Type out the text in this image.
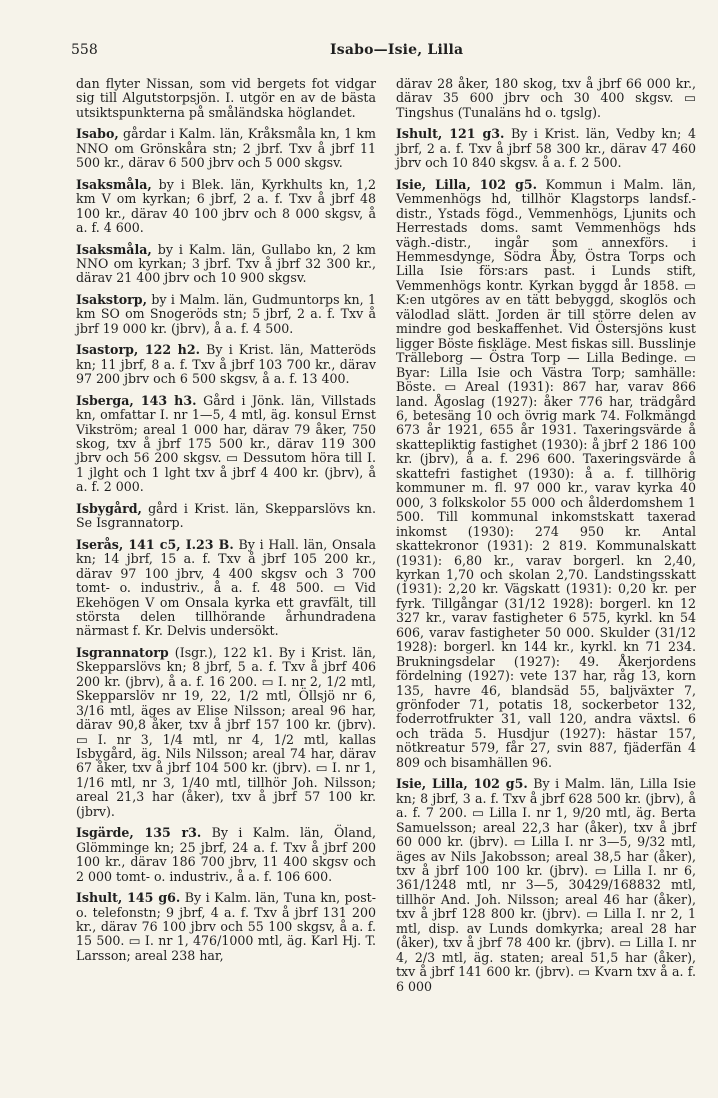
558	Isabo—Isie, Lilla

dan flyter Nissan, som vid bergets fot vidgar sig till Algutstorpsjön. I. utgör en av de bästa utsiktspunkterna på småländska höglandet.

Isabo, gårdar i Kalm. län, Kråksmåla kn, 1 km NNO om Grönskåra stn; 2 jbrf. Txv å jbrf 11 500 kr., därav 6 500 jbrv och 5 000 skgsv.

Isaksmåla, by i Blek. län, Kyrkhults kn, 1,2 km V om kyrkan; 6 jbrf, 2 a. f. Txv å jbrf 48 100 kr., därav 40 100 jbrv och 8 000 skgsv, å a. f. 4 600.

Isaksmåla, by i Kalm. län, Gullabo kn, 2 km NNO om kyrkan; 3 jbrf. Txv å jbrf 32 300 kr., därav 21 400 jbrv och 10 900 skgsv.

Isakstorp, by i Malm. län, Gudmuntorps kn, 1 km SO om Snogeröds stn; 5 jbrf, 2 a. f. Txv å jbrf 19 000 kr. (jbrv), å a. f. 4 500.

Isastorp, 122 h2. By i Krist. län, Matteröds kn; 11 jbrf, 8 a. f. Txv å jbrf 103 700 kr., därav 97 200 jbrv och 6 500 skgsv, å a. f. 13 400.

Isberga, 143 h3. Gård i Jönk. län, Villstads kn, omfattar I. nr 1—5, 4 mtl, äg. konsul Ernst Vikström; areal 1 000 har, därav 79 åker, 750 skog, txv å jbrf 175 500 kr., därav 119 300 jbrv och 56 200 skgsv. ▭ Dessutom höra till I. 1 jlght och 1 lght txv å jbrf 4 400 kr. (jbrv), å a. f. 2 000.

Isbygård, gård i Krist. län, Skepparslövs kn. Se Isgrannatorp.

Iserås, 141 c5, I.23 B. By i Hall. län, Onsala kn; 14 jbrf, 15 a. f. Txv å jbrf 105 200 kr., därav 97 100 jbrv, 4 400 skgsv och 3 700 tomt- o. industriv., å a. f. 48 500. ▭ Vid Ekehögen V om Onsala kyrka ett gravfält, till största delen tillhörande århundradena närmast f. Kr. Delvis undersökt.

Isgrannatorp (Isgr.), 122 k1. By i Krist. län, Skepparslövs kn; 8 jbrf, 5 a. f. Txv å jbrf 406 200 kr. (jbrv), å a. f. 16 200. ▭ I. nr 2, 1/2 mtl, Skepparslöv nr 19, 22, 1/2 mtl, Öllsjö nr 6, 3/16 mtl, äges av Elise Nilsson; areal 96 har, därav 90,8 åker, txv å jbrf 157 100 kr. (jbrv). ▭ I. nr 3, 1/4 mtl, nr 4, 1/2 mtl, kallas Isbygård, äg. Nils Nilsson; areal 74 har, därav 67 åker, txv å jbrf 104 500 kr. (jbrv). ▭ I. nr 1, 1/16 mtl, nr 3, 1/40 mtl, tillhör Joh. Nilsson; areal 21,3 har (åker), txv å jbrf 57 100 kr. (jbrv).

Isgärde, 135 r3. By i Kalm. län, Öland, Glömminge kn; 25 jbrf, 24 a. f. Txv å jbrf 200 100 kr., därav 186 700 jbrv, 11 400 skgsv och 2 000 tomt- o. industriv., å a. f. 106 600.

Ishult, 145 g6. By i Kalm. län, Tuna kn, post- o. telefonstn; 9 jbrf, 4 a. f. Txv å jbrf 131 200 kr., därav 76 100 jbrv och 55 100 skgsv, å a. f. 15 500. ▭ I. nr 1, 476/1000 mtl, äg. Karl Hj. T. Larsson; areal 238 har,

därav 28 åker, 180 skog, txv å jbrf 66 000 kr., därav 35 600 jbrv och 30 400 skgsv. ▭ Tingshus (Tunaläns hd o. tgslg).

Ishult, 121 g3. By i Krist. län, Vedby kn; 4 jbrf, 2 a. f. Txv å jbrf 58 300 kr., därav 47 460 jbrv och 10 840 skgsv. å a. f. 2 500.

Isie, Lilla, 102 g5. Kommun i Malm. län, Vemmenhögs hd, tillhör Klagstorps landsf.-distr., Ystads fögd., Vemmenhögs, Ljunits och Herrestads doms. samt Vemmenhögs hds vägh.-distr., ingår som annexförs. i Hemmesdynge, Södra Åby, Östra Torps och Lilla Isie förs:ars past. i Lunds stift, Vemmenhögs kontr. Kyrkan byggd år 1858. ▭ K:en utgöres av en tätt bebyggd, skoglös och välodlad slätt. Jorden är till större delen av mindre god beskaffenhet. Vid Östersjöns kust ligger Böste fiskläge. Mest fiskas sill. Busslinje Trälleborg — Östra Torp — Lilla Bedinge. ▭ Byar: Lilla Isie och Västra Torp; samhälle: Böste. ▭ Areal (1931): 867 har, varav 866 land. Ågoslag (1927): åker 776 har, trädgård 6, betesäng 10 och övrig mark 74. Folkmängd 673 år 1921, 655 år 1931. Taxeringsvärde å skattepliktig fastighet (1930): å jbrf 2 186 100 kr. (jbrv), å a. f. 296 600. Taxeringsvärde å skattefri fastighet (1930): å a. f. tillhörig kommuner m. fl. 97 000 kr., varav kyrka 40 000, 3 folkskolor 55 000 och ålderdomshem 1 500. Till kommunal inkomstskatt taxerad inkomst (1930): 274 950 kr. Antal skattekronor (1931): 2 819. Kommunalskatt (1931): 6,80 kr., varav borgerl. kn 2,40, kyrkan 1,70 och skolan 2,70. Landstingsskatt (1931): 2,20 kr. Vägskatt (1931): 0,20 kr. per fyrk. Tillgångar (31/12 1928): borgerl. kn 12 327 kr., varav fastigheter 6 575, kyrkl. kn 54 606, varav fastigheter 50 000. Skulder (31/12 1928): borgerl. kn 144 kr., kyrkl. kn 71 234. Brukningsdelar (1927): 49. Åkerjordens fördelning (1927): vete 137 har, råg 13, korn 135, havre 46, blandsäd 55, baljväxter 7, grönfoder 71, potatis 18, sockerbetor 132, foderrotfrukter 31, vall 120, andra växtsl. 6 och träda 5. Husdjur (1927): hästar 157, nötkreatur 579, får 27, svin 887, fjäderfän 4 809 och bisamhällen 96.

Isie, Lilla, 102 g5. By i Malm. län, Lilla Isie kn; 8 jbrf, 3 a. f. Txv å jbrf 628 500 kr. (jbrv), å a. f. 7 200. ▭ Lilla I. nr 1, 9/20 mtl, äg. Berta Samuelsson; areal 22,3 har (åker), txv å jbrf 60 000 kr. (jbrv). ▭ Lilla I. nr 3—5, 9/32 mtl, äges av Nils Jakobsson; areal 38,5 har (åker), txv å jbrf 100 100 kr. (jbrv). ▭ Lilla I. nr 6, 361/1248 mtl, nr 3—5, 30429/168832 mtl, tillhör And. Joh. Nilsson; areal 46 har (åker), txv å jbrf 128 800 kr. (jbrv). ▭ Lilla I. nr 2, 1 mtl, disp. av Lunds domkyrka; areal 28 har (åker), txv å jbrf 78 400 kr. (jbrv). ▭ Lilla I. nr 4, 2/3 mtl, äg. staten; areal 51,5 har (åker), txv å jbrf 141 600 kr. (jbrv). ▭ Kvarn txv å a. f. 6 000
